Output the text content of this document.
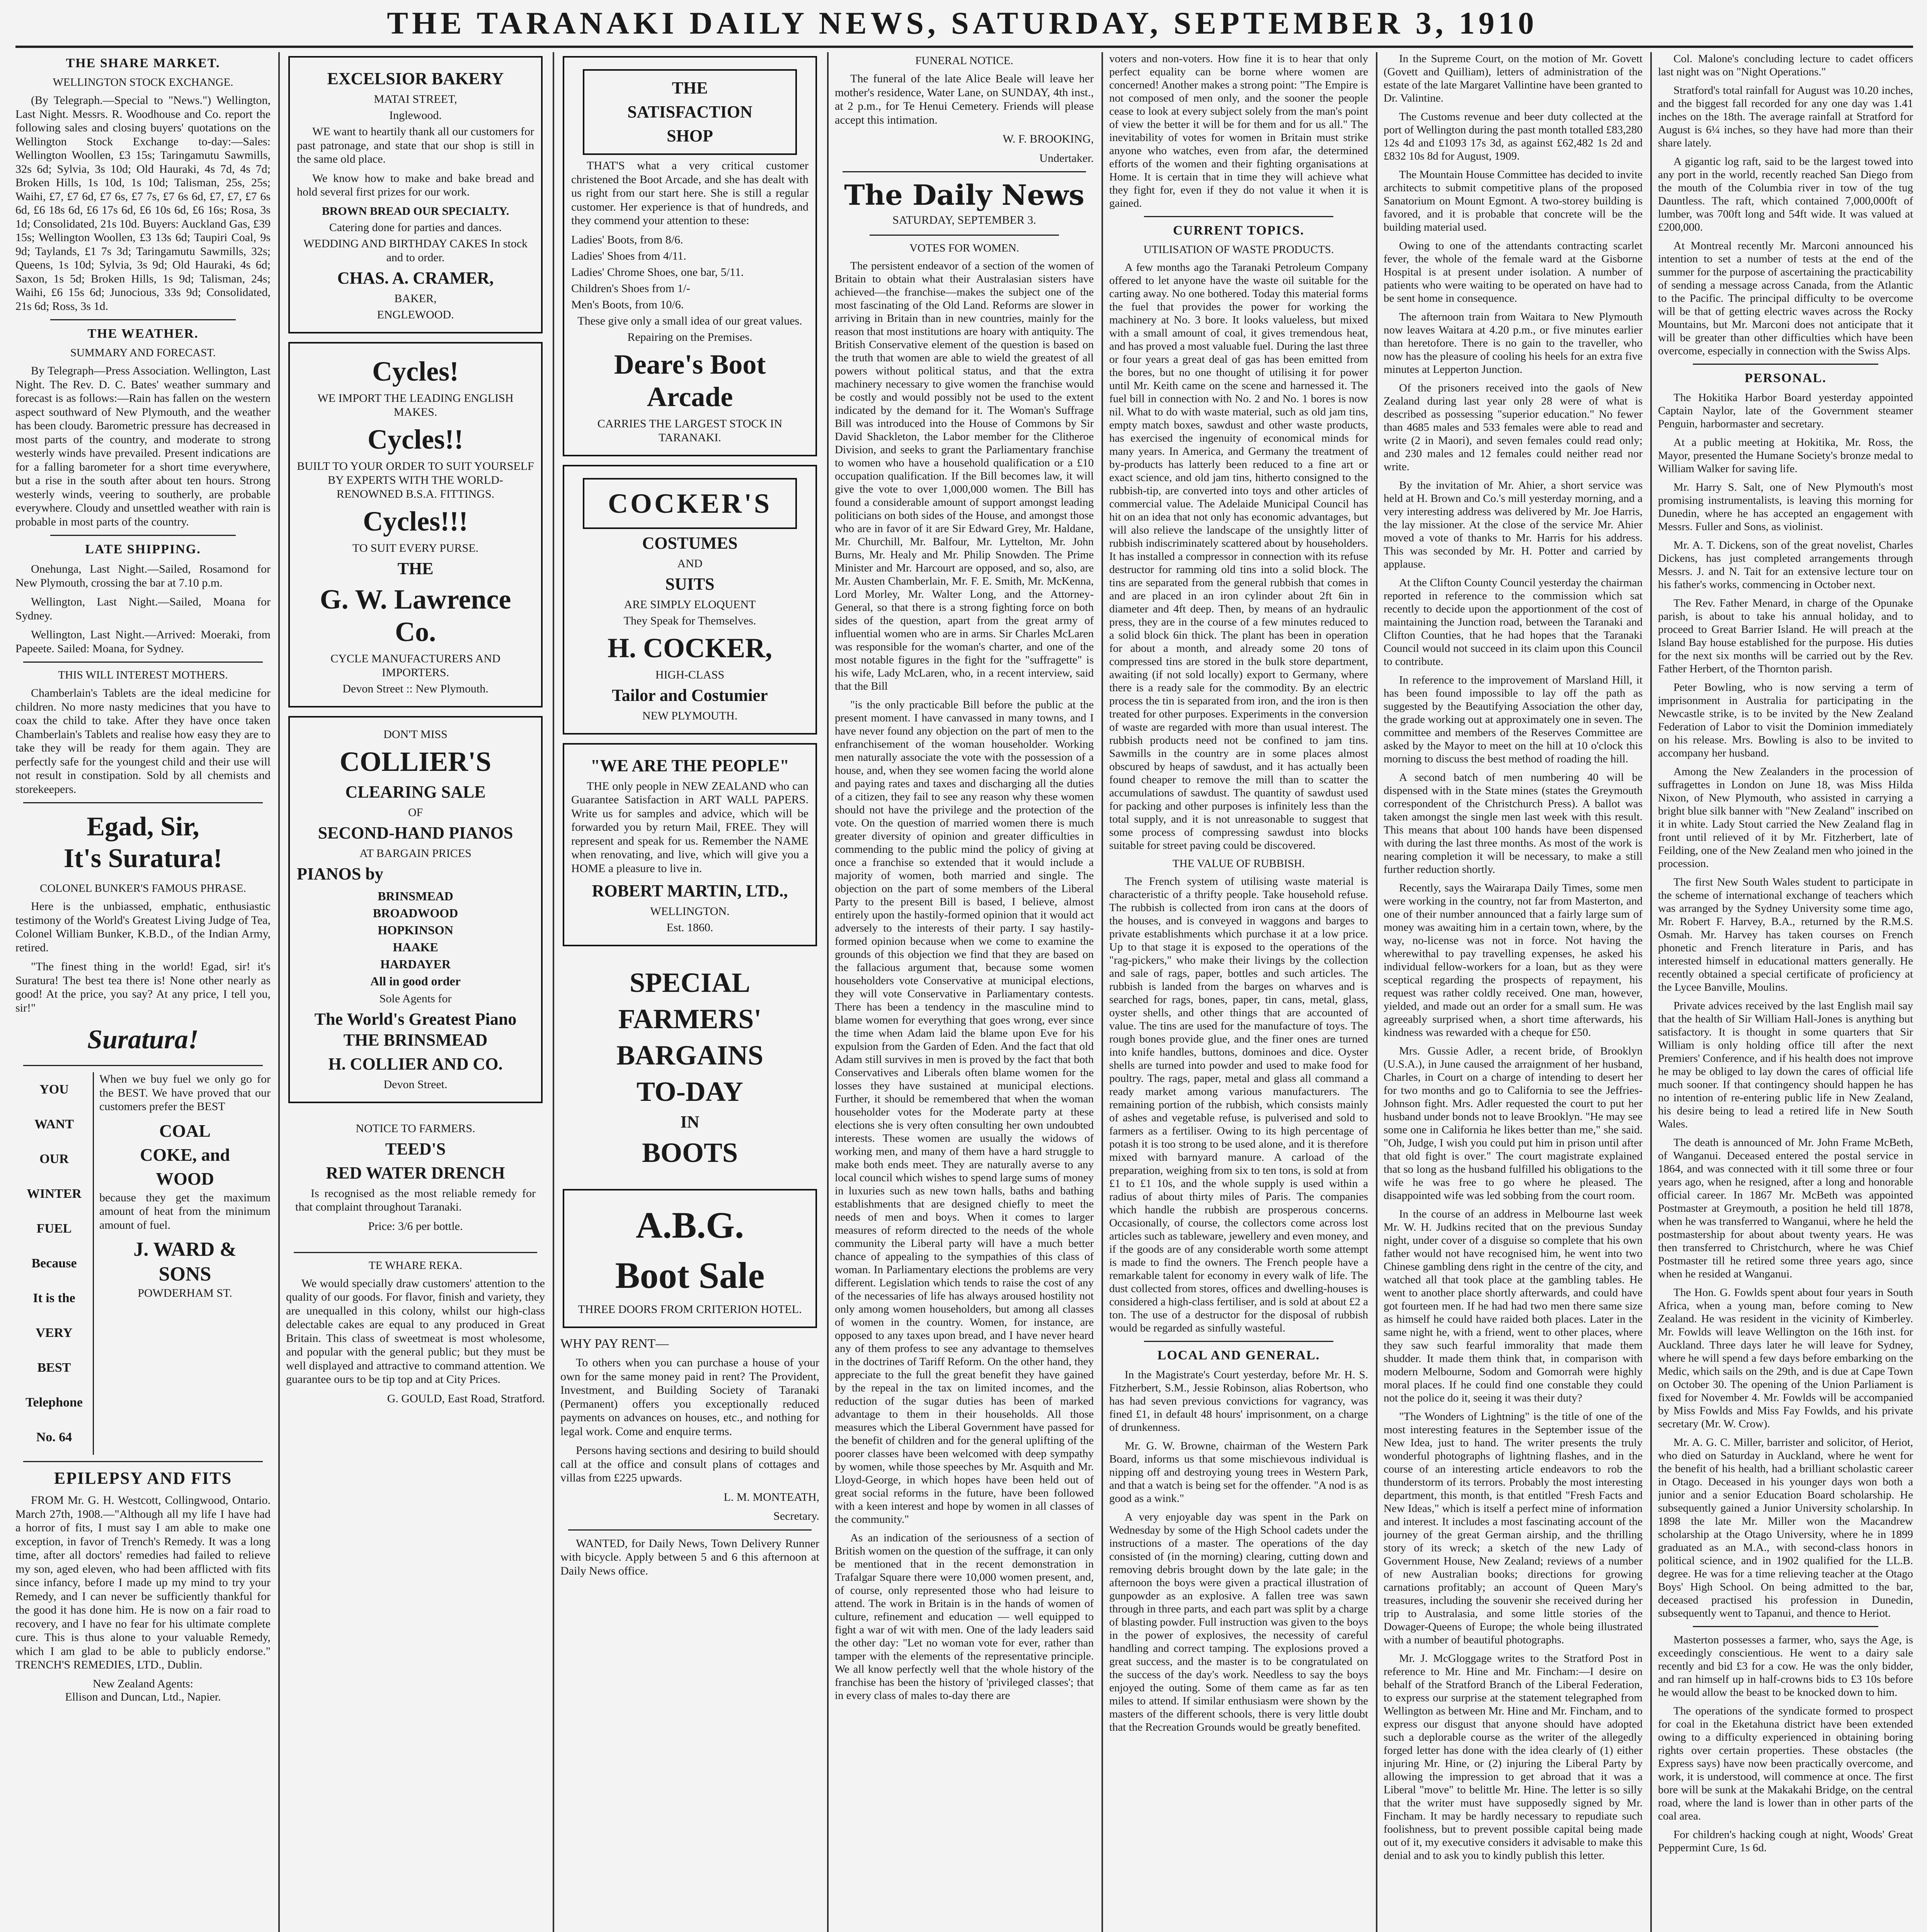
THE TARANAKI DAILY NEWS, SATURDAY, SEPTEMBER 3, 1910
THE SHARE MARKET.
WELLINGTON STOCK EXCHANGE.

(By Telegraph.—Special to "News.") Wellington, Last Night. Messrs. R. Woodhouse and Co. report the following sales and closing buyers' quotations on the Wellington Stock Exchange to-day:—Sales: Wellington Woollen, £3 15s; Taringamutu Sawmills, 32s 6d; Sylvia, 3s 10d; Old Hauraki, 4s 7d, 4s 7d; Broken Hills, 1s 10d, 1s 10d; Talisman, 25s, 25s; Waihi, £7, £7 6d, £7 6s, £7 7s, £7 6s 6d, £7, £7, £7 6s 6d, £6 18s 6d, £6 17s 6d, £6 10s 6d, £6 16s; Rosa, 3s 1d; Consolidated, 21s 10d. Buyers: Auckland Gas, £39 15s; Wellington Woollen, £3 13s 6d; Taupiri Coal, 9s 9d; Taylands, £1 7s 3d; Taringamutu Sawmills, 32s; Queens, 1s 10d; Sylvia, 3s 9d; Old Hauraki, 4s 6d; Saxon, 1s 5d; Broken Hills, 1s 9d; Talisman, 24s; Waihi, £6 15s 6d; Junocious, 33s 9d; Consolidated, 21s 6d; Ross, 3s 1d.

THE WEATHER.
SUMMARY AND FORECAST.

By Telegraph—Press Association. Wellington, Last Night. The Rev. D. C. Bates' weather summary and forecast is as follows:—Rain has fallen on the western aspect southward of New Plymouth, and the weather has been cloudy. Barometric pressure has decreased in most parts of the country, and moderate to strong westerly winds have prevailed. Present indications are for a falling barometer for a short time everywhere, but a rise in the south after about ten hours. Strong westerly winds, veering to southerly, are probable everywhere. Cloudy and unsettled weather with rain is probable in most parts of the country.

LATE SHIPPING.

Onehunga, Last Night.—Sailed, Rosamond for New Plymouth, crossing the bar at 7.10 p.m.

Wellington, Last Night.—Sailed, Moana for Sydney.

Wellington, Last Night.—Arrived: Moeraki, from Papeete. Sailed: Moana, for Sydney.

THIS WILL INTEREST MOTHERS.

Chamberlain's Tablets are the ideal medicine for children. No more nasty medicines that you have to coax the child to take. After they have once taken Chamberlain's Tablets and realise how easy they are to take they will be ready for them again. They are perfectly safe for the youngest child and their use will not result in constipation. Sold by all chemists and storekeepers.

Egad, Sir,
It's Suratura!
COLONEL BUNKER'S FAMOUS PHRASE.

Here is the unbiassed, emphatic, enthusiastic testimony of the World's Greatest Living Judge of Tea, Colonel William Bunker, K.B.D., of the Indian Army, retired.

"The finest thing in the world! Egad, sir! it's Suratura! The best tea there is! None other nearly as good! At the price, you say? At any price, I tell you, sir!"

Suratura!
YOU
WANT
OUR
WINTER
FUEL
Because
It is the
VERY
BEST
Telephone No. 64

When we buy fuel we only go for the BEST. We have proved that our customers prefer the BEST

COAL
COKE, and
WOOD

because they get the maximum amount of heat from the minimum amount of fuel.

J. WARD &
SONS
POWDERHAM ST.
EPILEPSY AND FITS

FROM Mr. G. H. Westcott, Collingwood, Ontario. March 27th, 1908.—"Although all my life I have had a horror of fits, I must say I am able to make one exception, in favor of Trench's Remedy. It was a long time, after all doctors' remedies had failed to relieve my son, aged eleven, who had been afflicted with fits since infancy, before I made up my mind to try your Remedy, and I can never be sufficiently thankful for the good it has done him. He is now on a fair road to recovery, and I have no fear for his ultimate complete cure. This is thus alone to your valuable Remedy, which I am glad to be able to publicly endorse." TRENCH'S REMEDIES, LTD., Dublin.

New Zealand Agents:
Ellison and Duncan, Ltd., Napier.
EXCELSIOR BAKERY
MATAI STREET,
Inglewood.

WE want to heartily thank all our customers for past patronage, and state that our shop is still in the same old place.

We know how to make and bake bread and hold several first prizes for our work.

BROWN BREAD OUR SPECIALTY.
Catering done for parties and dances.
WEDDING AND BIRTHDAY CAKES In stock and to order.
CHAS. A. CRAMER,
BAKER,
ENGLEWOOD.
Cycles!
WE IMPORT THE LEADING ENGLISH MAKES.
Cycles!!
BUILT TO YOUR ORDER TO SUIT YOURSELF BY EXPERTS WITH THE WORLD-RENOWNED B.S.A. FITTINGS.
Cycles!!!
TO SUIT EVERY PURSE.
THE
G. W. Lawrence Co.
CYCLE MANUFACTURERS AND IMPORTERS.
Devon Street :: New Plymouth.
DON'T MISS
COLLIER'S
CLEARING SALE
OF
SECOND-HAND PIANOS
AT BARGAIN PRICES
PIANOS by
BRINSMEAD
BROADWOOD
HOPKINSON
HAAKE
HARDAYER
All in good order
Sole Agents for
The World's Greatest Piano THE BRINSMEAD
H. COLLIER AND CO.
Devon Street.
NOTICE TO FARMERS.
TEED'S
RED WATER DRENCH

Is recognised as the most reliable remedy for that complaint throughout Taranaki.

Price: 3/6 per bottle.
TE WHARE REKA.

We would specially draw customers' attention to the quality of our goods. For flavor, finish and variety, they are unequalled in this colony, whilst our high-class delectable cakes are equal to any produced in Great Britain. This class of sweetmeat is most wholesome, and popular with the general public; but they must be well displayed and attractive to command attention. We guarantee ours to be tip top and at City Prices.

G. GOULD, East Road, Stratford.

THE
SATISFACTION
SHOP

THAT'S what a very critical customer christened the Boot Arcade, and she has dealt with us right from our start here. She is still a regular customer. Her experience is that of hundreds, and they commend your attention to these:

Ladies' Boots, from 8/6.
Ladies' Shoes from 4/11.
Ladies' Chrome Shoes, one bar, 5/11.
Children's Shoes from 1/-
Men's Boots, from 10/6.
These give only a small idea of our great values.
Repairing on the Premises.
Deare's Boot Arcade
CARRIES THE LARGEST STOCK IN TARANAKI.
COCKER'S
COSTUMES
AND
SUITS
ARE SIMPLY ELOQUENT
They Speak for Themselves.
H. COCKER,
HIGH-CLASS
Tailor and Costumier
NEW PLYMOUTH.
"WE ARE THE PEOPLE"

THE only people in NEW ZEALAND who can Guarantee Satisfaction in ART WALL PAPERS. Write us for samples and advice, which will be forwarded you by return Mail, FREE. They will represent and speak for us. Remember the NAME when renovating, and live, which will give you a HOME a pleasure to live in.

ROBERT MARTIN, LTD.,
WELLINGTON.
Est. 1860.
SPECIAL
FARMERS'
BARGAINS
TO-DAY
IN
BOOTS
A.B.G.
Boot Sale
THREE DOORS FROM CRITERION HOTEL.
WHY PAY RENT—

To others when you can purchase a house of your own for the same money paid in rent? The Provident, Investment, and Building Society of Taranaki (Permanent) offers you exceptionally reduced payments on advances on houses, etc., and nothing for legal work. Come and enquire terms.

Persons having sections and desiring to build should call at the office and consult plans of cottages and villas from £225 upwards.

L. M. MONTEATH,

Secretary.

WANTED, for Daily News, Town Delivery Runner with bicycle. Apply between 5 and 6 this afternoon at Daily News office.

FUNERAL NOTICE.

The funeral of the late Alice Beale will leave her mother's residence, Water Lane, on SUNDAY, 4th inst., at 2 p.m., for Te Henui Cemetery. Friends will please accept this intimation.

W. F. BROOKING,

Undertaker.

The Daily News
SATURDAY, SEPTEMBER 3.
VOTES FOR WOMEN.

The persistent endeavor of a section of the women of Britain to obtain what their Australasian sisters have achieved—the franchise—makes the subject one of the most fascinating of the Old Land. Reforms are slower in arriving in Britain than in new countries, mainly for the reason that most institutions are hoary with antiquity. The British Conservative element of the question is based on the truth that women are able to wield the greatest of all powers without political status, and that the extra machinery necessary to give women the franchise would be costly and would possibly not be used to the extent indicated by the demand for it. The Woman's Suffrage Bill was introduced into the House of Commons by Sir David Shackleton, the Labor member for the Clitheroe Division, and seeks to grant the Parliamentary franchise to women who have a household qualification or a £10 occupation qualification. If the Bill becomes law, it will give the vote to over 1,000,000 women. The Bill has found a considerable amount of support amongst leading politicians on both sides of the House, and amongst those who are in favor of it are Sir Edward Grey, Mr. Haldane, Mr. Churchill, Mr. Balfour, Mr. Lyttelton, Mr. John Burns, Mr. Healy and Mr. Philip Snowden. The Prime Minister and Mr. Harcourt are opposed, and so, also, are Mr. Austen Chamberlain, Mr. F. E. Smith, Mr. McKenna, Lord Morley, Mr. Walter Long, and the Attorney-General, so that there is a strong fighting force on both sides of the question, apart from the great army of influential women who are in arms. Sir Charles McLaren was responsible for the woman's charter, and one of the most notable figures in the fight for the "suffragette" is his wife, Lady McLaren, who, in a recent interview, said that the Bill

"is the only practicable Bill before the public at the present moment. I have canvassed in many towns, and I have never found any objection on the part of men to the enfranchisement of the woman householder. Working men naturally associate the vote with the possession of a house, and, when they see women facing the world alone and paying rates and taxes and discharging all the duties of a citizen, they fail to see any reason why these women should not have the privilege and the protection of the vote. On the question of married women there is much greater diversity of opinion and greater difficulties in commending to the public mind the policy of giving at once a franchise so extended that it would include a majority of women, both married and single. The objection on the part of some members of the Liberal Party to the present Bill is based, I believe, almost entirely upon the hastily-formed opinion that it would act adversely to the interests of their party. I say hastily-formed opinion because when we come to examine the grounds of this objection we find that they are based on the fallacious argument that, because some women householders vote Conservative at municipal elections, they will vote Conservative in Parliamentary contests. There has been a tendency in the masculine mind to blame women for everything that goes wrong, ever since the time when Adam laid the blame upon Eve for his expulsion from the Garden of Eden. And the fact that old Adam still survives in men is proved by the fact that both Conservatives and Liberals often blame women for the losses they have sustained at municipal elections. Further, it should be remembered that when the woman householder votes for the Moderate party at these elections she is very often consulting her own undoubted interests. These women are usually the widows of working men, and many of them have a hard struggle to make both ends meet. They are naturally averse to any local council which wishes to spend large sums of money in luxuries such as new town halls, baths and bathing establishments that are designed chiefly to meet the needs of men and boys. When it comes to larger measures of reform directed to the needs of the whole community the Liberal party will have a much better chance of appealing to the sympathies of this class of woman. In Parliamentary elections the problems are very different. Legislation which tends to raise the cost of any of the necessaries of life has always aroused hostility not only among women householders, but among all classes of women in the country. Women, for instance, are opposed to any taxes upon bread, and I have never heard any of them profess to see any advantage to themselves in the doctrines of Tariff Reform. On the other hand, they appreciate to the full the great benefit they have gained by the repeal in the tax on limited incomes, and the reduction of the sugar duties has been of marked advantage to them in their households. All those measures which the Liberal Government have passed for the benefit of children and for the general uplifting of the poorer classes have been welcomed with deep sympathy by women, while those speeches by Mr. Asquith and Mr. Lloyd-George, in which hopes have been held out of great social reforms in the future, have been followed with a keen interest and hope by women in all classes of the community."

As an indication of the seriousness of a section of British women on the question of the suffrage, it can only be mentioned that in the recent demonstration in Trafalgar Square there were 10,000 women present, and, of course, only represented those who had leisure to attend. The work in Britain is in the hands of women of culture, refinement and education — well equipped to fight a war of wit with men. One of the lady leaders said the other day: "Let no woman vote for ever, rather than tamper with the elements of the representative principle. We all know perfectly well that the whole history of the franchise has been the history of 'privileged classes'; that in every class of males to-day there are

voters and non-voters. How fine it is to hear that only perfect equality can be borne where women are concerned! Another makes a strong point: "The Empire is not composed of men only, and the sooner the people cease to look at every subject solely from the man's point of view the better it will be for them and for us all." The inevitability of votes for women in Britain must strike anyone who watches, even from afar, the determined efforts of the women and their fighting organisations at Home. It is certain that in time they will achieve what they fight for, even if they do not value it when it is gained.

CURRENT TOPICS.
UTILISATION OF WASTE PRODUCTS.

A few months ago the Taranaki Petroleum Company offered to let anyone have the waste oil suitable for the carting away. No one bothered. Today this material forms the fuel that provides the power for working the machinery at No. 3 bore. It looks valueless, but mixed with a small amount of coal, it gives tremendous heat, and has proved a most valuable fuel. During the last three or four years a great deal of gas has been emitted from the bores, but no one thought of utilising it for power until Mr. Keith came on the scene and harnessed it. The fuel bill in connection with No. 2 and No. 1 bores is now nil. What to do with waste material, such as old jam tins, empty match boxes, sawdust and other waste products, has exercised the ingenuity of economical minds for many years. In America, and Germany the treatment of by-products has latterly been reduced to a fine art or exact science, and old jam tins, hitherto consigned to the rubbish-tip, are converted into toys and other articles of commercial value. The Adelaide Municipal Council has hit on an idea that not only has economic advantages, but will also relieve the landscape of the unsightly litter of rubbish indiscriminately scattered about by householders. It has installed a compressor in connection with its refuse destructor for ramming old tins into a solid block. The tins are separated from the general rubbish that comes in and are placed in an iron cylinder about 2ft 6in in diameter and 4ft deep. Then, by means of an hydraulic press, they are in the course of a few minutes reduced to a solid block 6in thick. The plant has been in operation for about a month, and already some 20 tons of compressed tins are stored in the bulk store department, awaiting (if not sold locally) export to Germany, where there is a ready sale for the commodity. By an electric process the tin is separated from iron, and the iron is then treated for other purposes. Experiments in the conversion of waste are regarded with more than usual interest. The rubbish products need not be confined to jam tins. Sawmills in the country are in some places almost obscured by heaps of sawdust, and it has actually been found cheaper to remove the mill than to scatter the accumulations of sawdust. The quantity of sawdust used for packing and other purposes is infinitely less than the total supply, and it is not unreasonable to suggest that some process of compressing sawdust into blocks suitable for street paving could be discovered.

THE VALUE OF RUBBISH.

The French system of utilising waste material is characteristic of a thrifty people. Take household refuse. The rubbish is collected from iron cans at the doors of the houses, and is conveyed in waggons and barges to private establishments which purchase it at a low price. Up to that stage it is exposed to the operations of the "rag-pickers," who make their livings by the collection and sale of rags, paper, bottles and such articles. The rubbish is landed from the barges on wharves and is searched for rags, bones, paper, tin cans, metal, glass, oyster shells, and other things that are accounted of value. The tins are used for the manufacture of toys. The rough bones provide glue, and the finer ones are turned into knife handles, buttons, dominoes and dice. Oyster shells are turned into powder and used to make food for poultry. The rags, paper, metal and glass all command a ready market among various manufacturers. The remaining portion of the rubbish, which consists mainly of ashes and vegetable refuse, is pulverised and sold to farmers as a fertiliser. Owing to its high percentage of potash it is too strong to be used alone, and it is therefore mixed with barnyard manure. A carload of the preparation, weighing from six to ten tons, is sold at from £1 to £1 10s, and the whole supply is used within a radius of about thirty miles of Paris. The companies which handle the rubbish are prosperous concerns. Occasionally, of course, the collectors come across lost articles such as tableware, jewellery and even money, and if the goods are of any considerable worth some attempt is made to find the owners. The French people have a remarkable talent for economy in every walk of life. The dust collected from stores, offices and dwelling-houses is considered a high-class fertiliser, and is sold at about £2 a ton. The use of a destructor for the disposal of rubbish would be regarded as sinfully wasteful.

LOCAL AND GENERAL.

In the Magistrate's Court yesterday, before Mr. H. S. Fitzherbert, S.M., Jessie Robinson, alias Robertson, who has had seven previous convictions for vagrancy, was fined £1, in default 48 hours' imprisonment, on a charge of drunkenness.

Mr. G. W. Browne, chairman of the Western Park Board, informs us that some mischievous individual is nipping off and destroying young trees in Western Park, and that a watch is being set for the offender. "A nod is as good as a wink."

A very enjoyable day was spent in the Park on Wednesday by some of the High School cadets under the instructions of a master. The operations of the day consisted of (in the morning) clearing, cutting down and removing debris brought down by the late gale; in the afternoon the boys were given a practical illustration of gunpowder as an explosive. A fallen tree was sawn through in three parts, and each part was split by a charge of blasting powder. Full instruction was given to the boys in the power of explosives, the necessity of careful handling and correct tamping. The explosions proved a great success, and the master is to be congratulated on the success of the day's work. Needless to say the boys enjoyed the outing. Some of them came as far as ten miles to attend. If similar enthusiasm were shown by the masters of the different schools, there is very little doubt that the Recreation Grounds would be greatly benefited.

In the Supreme Court, on the motion of Mr. Govett (Govett and Quilliam), letters of administration of the estate of the late Margaret Vallintine have been granted to Dr. Valintine.

The Customs revenue and beer duty collected at the port of Wellington during the past month totalled £83,280 12s 4d and £1093 17s 3d, as against £62,482 1s 2d and £832 10s 8d for August, 1909.

The Mountain House Committee has decided to invite architects to submit competitive plans of the proposed Sanatorium on Mount Egmont. A two-storey building is favored, and it is probable that concrete will be the building material used.

Owing to one of the attendants contracting scarlet fever, the whole of the female ward at the Gisborne Hospital is at present under isolation. A number of patients who were waiting to be operated on have had to be sent home in consequence.

The afternoon train from Waitara to New Plymouth now leaves Waitara at 4.20 p.m., or five minutes earlier than heretofore. There is no gain to the traveller, who now has the pleasure of cooling his heels for an extra five minutes at Lepperton Junction.

Of the prisoners received into the gaols of New Zealand during last year only 28 were of what is described as possessing "superior education." No fewer than 4685 males and 533 females were able to read and write (2 in Maori), and seven females could read only; and 230 males and 12 females could neither read nor write.

By the invitation of Mr. Ahier, a short service was held at H. Brown and Co.'s mill yesterday morning, and a very interesting address was delivered by Mr. Joe Harris, the lay missioner. At the close of the service Mr. Ahier moved a vote of thanks to Mr. Harris for his address. This was seconded by Mr. H. Potter and carried by applause.

At the Clifton County Council yesterday the chairman reported in reference to the commission which sat recently to decide upon the apportionment of the cost of maintaining the Junction road, between the Taranaki and Clifton Counties, that he had hopes that the Taranaki Council would not succeed in its claim upon this Council to contribute.

In reference to the improvement of Marsland Hill, it has been found impossible to lay off the path as suggested by the Beautifying Association the other day, the grade working out at approximately one in seven. The committee and members of the Reserves Committee are asked by the Mayor to meet on the hill at 10 o'clock this morning to discuss the best method of roading the hill.

A second batch of men numbering 40 will be dispensed with in the State mines (states the Greymouth correspondent of the Christchurch Press). A ballot was taken amongst the single men last week with this result. This means that about 100 hands have been dispensed with during the last three months. As most of the work is nearing completion it will be necessary, to make a still further reduction shortly.

Recently, says the Wairarapa Daily Times, some men were working in the country, not far from Masterton, and one of their number announced that a fairly large sum of money was awaiting him in a certain town, where, by the way, no-license was not in force. Not having the wherewithal to pay travelling expenses, he asked his individual fellow-workers for a loan, but as they were sceptical regarding the prospects of repayment, his request was rather coldly received. One man, however, yielded, and made out an order for a small sum. He was agreeably surprised when, a short time afterwards, his kindness was rewarded with a cheque for £50.

Mrs. Gussie Adler, a recent bride, of Brooklyn (U.S.A.), in June caused the arraignment of her husband, Charles, in Court on a charge of intending to desert her for two months and go to California to see the Jeffries-Johnson fight. Mrs. Adler requested the court to put her husband under bonds not to leave Brooklyn. "He may see some one in California he likes better than me," she said. "Oh, Judge, I wish you could put him in prison until after that old fight is over." The court magistrate explained that so long as the husband fulfilled his obligations to the wife he was free to go where he pleased. The disappointed wife was led sobbing from the court room.

In the course of an address in Melbourne last week Mr. W. H. Judkins recited that on the previous Sunday night, under cover of a disguise so complete that his own father would not have recognised him, he went into two Chinese gambling dens right in the centre of the city, and watched all that took place at the gambling tables. He went to another place shortly afterwards, and could have got fourteen men. If he had had two men there same size as himself he could have raided both places. Later in the same night he, with a friend, went to other places, where they saw such fearful immorality that made them shudder. It made them think that, in comparison with modern Melbourne, Sodom and Gomorrah were highly moral places. If he could find one constable they could not the police do it, seeing it was their duty?

"The Wonders of Lightning" is the title of one of the most interesting features in the September issue of the New Idea, just to hand. The writer presents the truly wonderful photographs of lightning flashes, and in the course of an interesting article endeavors to rob the thunderstorm of its terrors. Probably the most interesting department, this month, is that entitled "Fresh Facts and New Ideas," which is itself a perfect mine of information and interest. It includes a most fascinating account of the journey of the great German airship, and the thrilling story of its wreck; a sketch of the new Lady of Government House, New Zealand; reviews of a number of new Australian books; directions for growing carnations profitably; an account of Queen Mary's treasures, including the souvenir she received during her trip to Australasia, and some little stories of the Dowager-Queens of Europe; the whole being illustrated with a number of beautiful photographs.

Mr. J. McGloggage writes to the Stratford Post in reference to Mr. Hine and Mr. Fincham:—I desire on behalf of the Stratford Branch of the Liberal Federation, to express our surprise at the statement telegraphed from Wellington as between Mr. Hine and Mr. Fincham, and to express our disgust that anyone should have adopted such a deplorable course as the writer of the allegedly forged letter has done with the idea clearly of (1) either injuring Mr. Hine, or (2) injuring the Liberal Party by allowing the impression to get abroad that it was a Liberal "move" to belittle Mr. Hine. The letter is so silly that the writer must have supposedly signed by Mr. Fincham. It may be hardly necessary to repudiate such foolishness, but to prevent possible capital being made out of it, my executive considers it advisable to make this denial and to ask you to kindly publish this letter.

Col. Malone's concluding lecture to cadet officers last night was on "Night Operations."

Stratford's total rainfall for August was 10.20 inches, and the biggest fall recorded for any one day was 1.41 inches on the 18th. The average rainfall at Stratford for August is 6¼ inches, so they have had more than their share lately.

A gigantic log raft, said to be the largest towed into any port in the world, recently reached San Diego from the mouth of the Columbia river in tow of the tug Dauntless. The raft, which contained 7,000,000ft of lumber, was 700ft long and 54ft wide. It was valued at £200,000.

At Montreal recently Mr. Marconi announced his intention to set a number of tests at the end of the summer for the purpose of ascertaining the practicability of sending a message across Canada, from the Atlantic to the Pacific. The principal difficulty to be overcome will be that of getting electric waves across the Rocky Mountains, but Mr. Marconi does not anticipate that it will be greater than other difficulties which have been overcome, especially in connection with the Swiss Alps.

PERSONAL.

The Hokitika Harbor Board yesterday appointed Captain Naylor, late of the Government steamer Penguin, harbormaster and secretary.

At a public meeting at Hokitika, Mr. Ross, the Mayor, presented the Humane Society's bronze medal to William Walker for saving life.

Mr. Harry S. Salt, one of New Plymouth's most promising instrumentalists, is leaving this morning for Dunedin, where he has accepted an engagement with Messrs. Fuller and Sons, as violinist.

Mr. A. T. Dickens, son of the great novelist, Charles Dickens, has just completed arrangements through Messrs. J. and N. Tait for an extensive lecture tour on his father's works, commencing in October next.

The Rev. Father Menard, in charge of the Opunake parish, is about to take his annual holiday, and to proceed to Great Barrier Island. He will preach at the Island Bay house established for the purpose. His duties for the next six months will be carried out by the Rev. Father Herbert, of the Thornton parish.

Peter Bowling, who is now serving a term of imprisonment in Australia for participating in the Newcastle strike, is to be invited by the New Zealand Federation of Labor to visit the Dominion immediately on his release. Mrs. Bowling is also to be invited to accompany her husband.

Among the New Zealanders in the procession of suffragettes in London on June 18, was Miss Hilda Nixon, of New Plymouth, who assisted in carrying a bright blue silk banner with "New Zealand" inscribed on it in white. Lady Stout carried the New Zealand flag in front until relieved of it by Mr. Fitzherbert, late of Feilding, one of the New Zealand men who joined in the procession.

The first New South Wales student to participate in the scheme of international exchange of teachers which was arranged by the Sydney University some time ago, Mr. Robert F. Harvey, B.A., returned by the R.M.S. Osmah. Mr. Harvey has taken courses on French phonetic and French literature in Paris, and has interested himself in educational matters generally. He recently obtained a special certificate of proficiency at the Lycee Banville, Moulins.

Private advices received by the last English mail say that the health of Sir William Hall-Jones is anything but satisfactory. It is thought in some quarters that Sir William is only holding office till after the next Premiers' Conference, and if his health does not improve he may be obliged to lay down the cares of official life much sooner. If that contingency should happen he has no intention of re-entering public life in New Zealand, his desire being to lead a retired life in New South Wales.

The death is announced of Mr. John Frame McBeth, of Wanganui. Deceased entered the postal service in 1864, and was connected with it till some three or four years ago, when he resigned, after a long and honorable official career. In 1867 Mr. McBeth was appointed Postmaster at Greymouth, a position he held till 1878, when he was transferred to Wanganui, where he held the postmastership for about about twenty years. He was then transferred to Christchurch, where he was Chief Postmaster till he retired some three years ago, since when he resided at Wanganui.

The Hon. G. Fowlds spent about four years in South Africa, when a young man, before coming to New Zealand. He was resident in the vicinity of Kimberley. Mr. Fowlds will leave Wellington on the 16th inst. for Auckland. Three days later he will leave for Sydney, where he will spend a few days before embarking on the Medic, which sails on the 29th, and is due at Cape Town on October 30. The opening of the Union Parliament is fixed for November 4. Mr. Fowlds will be accompanied by Miss Fowlds and Miss Fay Fowlds, and his private secretary (Mr. W. Crow).

Mr. A. G. C. Miller, barrister and solicitor, of Heriot, who died on Saturday in Auckland, where he went for the benefit of his health, had a brilliant scholastic career in Otago. Deceased in his younger days won both a junior and a senior Education Board scholarship. He subsequently gained a Junior University scholarship. In 1898 the late Mr. Miller won the Macandrew scholarship at the Otago University, where he in 1899 graduated as an M.A., with second-class honors in political science, and in 1902 qualified for the LL.B. degree. He was for a time relieving teacher at the Otago Boys' High School. On being admitted to the bar, deceased practised his profession in Dunedin, subsequently went to Tapanui, and thence to Heriot.

Masterton possesses a farmer, who, says the Age, is exceedingly conscientious. He went to a dairy sale recently and bid £3 for a cow. He was the only bidder, and ran himself up in half-crowns bids to £3 10s before he would allow the beast to be knocked down to him.

The operations of the syndicate formed to prospect for coal in the Eketahuna district have been extended owing to a difficulty experienced in obtaining boring rights over certain properties. These obstacles (the Express says) have now been practically overcome, and work, it is understood, will commence at once. The first bore will be sunk at the Makakahi Bridge, on the central road, where the land is lower than in other parts of the coal area.

For children's hacking cough at night, Woods' Great Peppermint Cure, 1s 6d.
